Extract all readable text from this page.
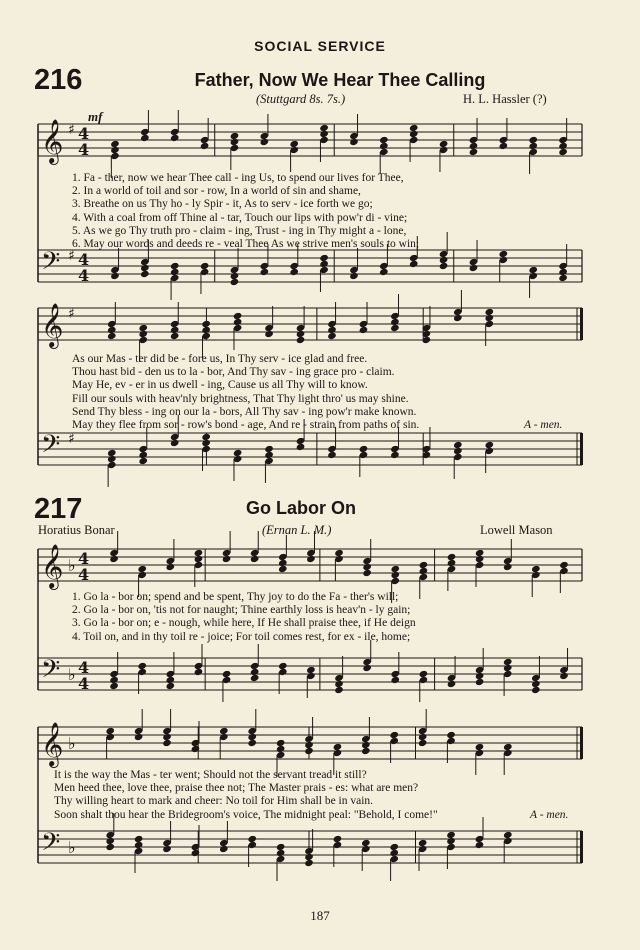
SOCIAL SERVICE
216	Father, Now We Hear Thee Calling
(Stuttgard 8s. 7s.)	H. L. Hassler (?)
mf
𝄞 ♯ 4
4
𝄢 ♯ 4
4
𝄞 ♯
𝄢 ♯
𝄞 ♭ 4
4
𝄢 ♭ 4
4
𝄞 ♭
𝄢 ♭
1. Fa - ther, now we hear Thee call - ing Us, to spend our lives for Thee,
2. In a world of toil and sor - row, In a world of sin and shame,
3. Breathe on us Thy ho - ly Spir - it, As to serv - ice forth we go;
4. With a coal from off Thine al - tar, Touch our lips with pow'r di - vine;
5. As we go Thy truth pro - claim - ing, Trust - ing in Thy might a - lone,
6. May our words and deeds re - veal Thee As we strive men's souls to win;
As our Mas - ter did be - fore us, In Thy serv - ice glad and free.
Thou hast bid - den us to la - bor, And Thy sav - ing grace pro - claim.
May He, ev - er in us dwell - ing, Cause us all Thy will to know.
Fill our souls with heav'nly brightness, That Thy light thro' us may shine.
Send Thy bless - ing on our la - bors, All Thy sav - ing pow'r make known.
May they flee from sor - row's bond - age, And re - strain from paths of sin.	A - men.
217	Go Labor On
Horatius Bonar	(Ernan L. M.)	Lowell Mason
1. Go la - bor on; spend and be spent, Thy joy to do the Fa - ther's will;
2. Go la - bor on, 'tis not for naught; Thine earthly loss is heav'n - ly gain;
3. Go la - bor on; e - nough, while here, If He shall praise thee, if He deign
4. Toil on, and in thy toil re - joice; For toil comes rest, for ex - ile, home;
It is the way the Mas - ter went; Should not the servant tread it still?
Men heed thee, love thee, praise thee not; The Master prais - es: what are men?
Thy willing heart to mark and cheer: No toil for Him shall be in vain.
Soon shalt thou hear the Bridegroom's voice, The midnight peal: "Behold, I come!"	A - men.
187
